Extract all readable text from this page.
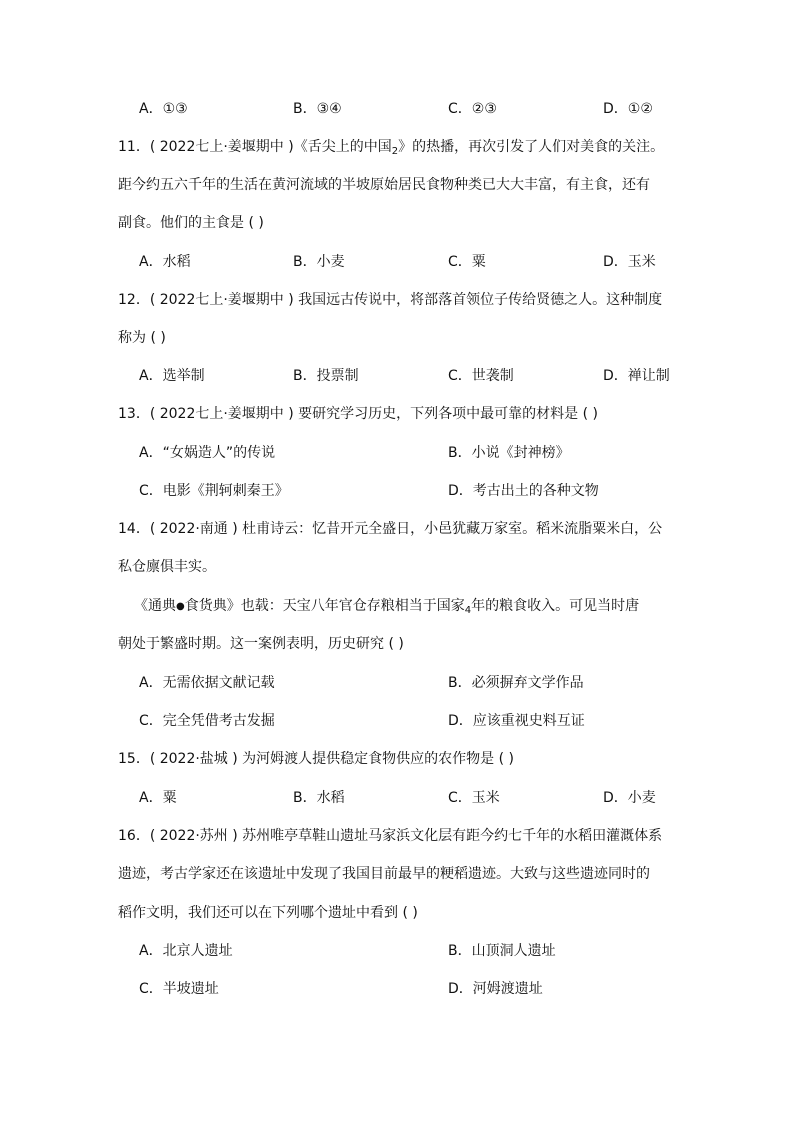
A．①③	B．③④	C．②③	D．①②
11．( 2022七上·姜堰期中 )《舌尖上的中国$_2$》的热播，再次引发了人们对美食的关注。
距今约五六千年的生活在黄河流域的半坡原始居民食物种类已大大丰富，有主食，还有
副食。他们的主食是 ( )
A．水稻	B．小麦	C．粟	D．玉米
12．( 2022七上·姜堰期中 ) 我国远古传说中，将部落首领位子传给贤德之人。这种制度
称为 ( )
A．选举制	B．投票制	C．世袭制	D．禅让制
13．( 2022七上·姜堰期中 ) 要研究学习历史，下列各项中最可靠的材料是 ( )
A．“女娲造人”的传说	B．小说《封神榜》
C．电影《荆轲刺秦王》	D．考古出土的各种文物
14．( 2022·南通 ) 杜甫诗云：忆昔开元全盛日，小邑犹藏万家室。稻米流脂粟米白，公
私仓廪俱丰实。
《通典●食货典》也载：天宝八年官仓存粮相当于国家$_4$年的粮食收入。可见当时唐
朝处于繁盛时期。这一案例表明，历史研究 ( )
A．无需依据文献记载	B．必须摒弃文学作品
C．完全凭借考古发掘	D．应该重视史料互证
15．( 2022·盐城 ) 为河姆渡人提供稳定食物供应的农作物是 ( )
A．粟	B．水稻	C．玉米	D．小麦
16．( 2022·苏州 ) 苏州唯亭草鞋山遗址马家浜文化层有距今约七千年的水稻田灌溉体系
遗迹，考古学家还在该遗址中发现了我国目前最早的粳稻遗迹。大致与这些遗迹同时的
稻作文明，我们还可以在下列哪个遗址中看到 ( )
A．北京人遗址	B．山顶洞人遗址
C．半坡遗址	D．河姆渡遗址
